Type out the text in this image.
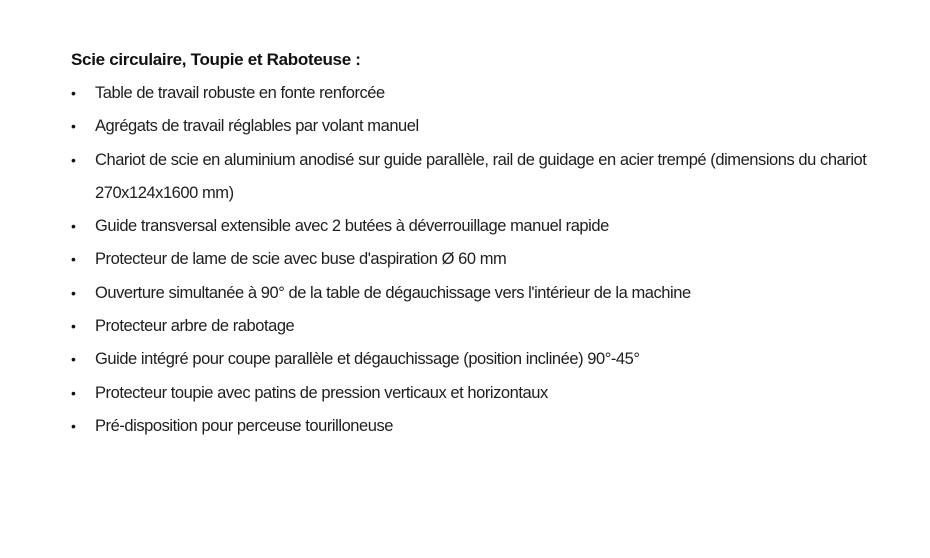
Scie circulaire, Toupie et Raboteuse :

•	Table de travail robuste en fonte renforcée
•	Agrégats de travail réglables par volant manuel
•	Chariot de scie en aluminium anodisé sur guide parallèle, rail de guidage en acier trempé (dimensions du chariot 270x124x1600 mm)
•	Guide transversal extensible avec 2 butées à déverrouillage manuel rapide
•	Protecteur de lame de scie avec buse d'aspiration Ø 60 mm
•	Ouverture simultanée à 90° de la table de dégauchissage vers l'intérieur de la machine
•	Protecteur arbre de rabotage
•	Guide intégré pour coupe parallèle et dégauchissage (position inclinée) 90°-45°
•	Protecteur toupie avec patins de pression verticaux et horizontaux
•	Pré-disposition pour perceuse tourilloneuse
